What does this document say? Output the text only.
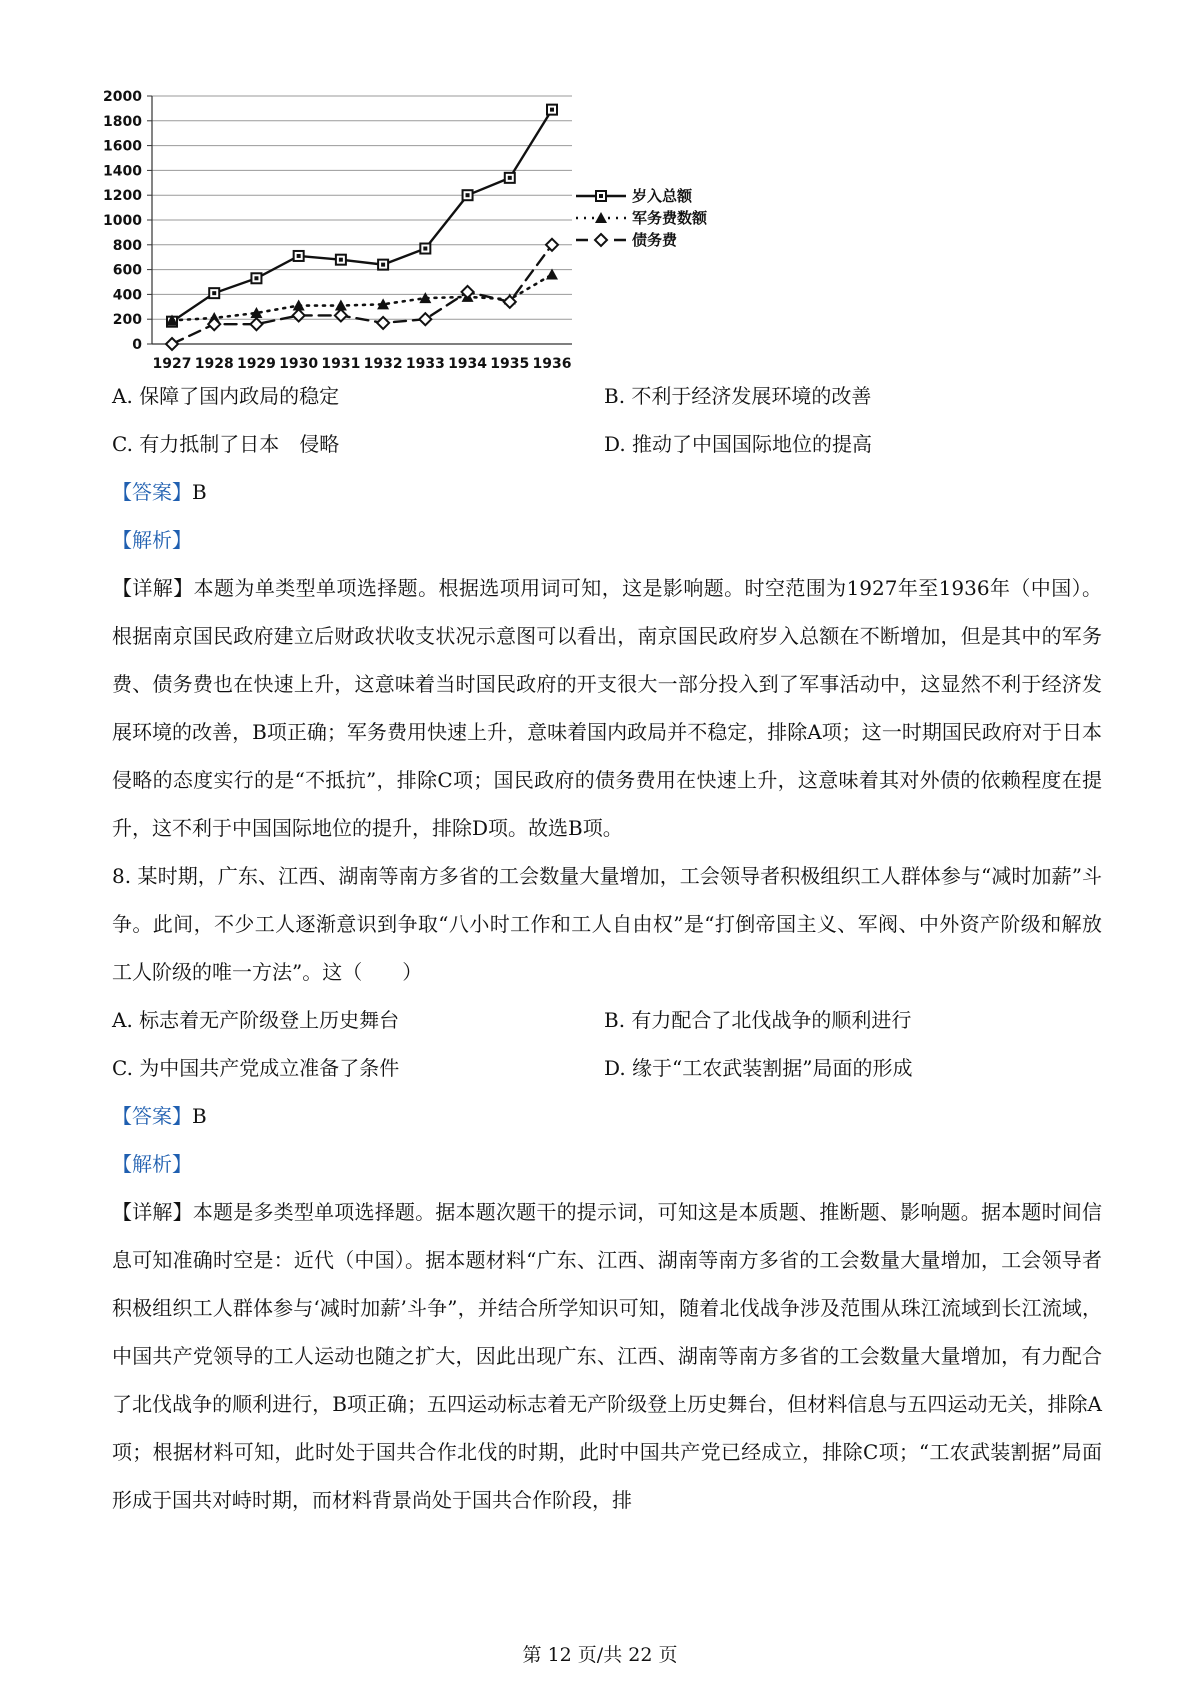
2000
1800
1600
1400
1200
1000
800
600
400
200
0
1927 1928 1929 1930 1931 1932 1933 1934 1935 1936
岁入总额
军务费数额
债务费
A. 保障了国内政局的稳定	B. 不利于经济发展环境的改善
C. 有力抵制了日本　侵略	D. 推动了中国国际地位的提高
【答案】B
【解析】
【详解】本题为单类型单项选择题。根据选项用词可知，这是影响题。时空范围为1927年至1936年（中国）。根据南京国民政府建立后财政状收支状况示意图可以看出，南京国民政府岁入总额在不断增加，但是其中的军务费、债务费也在快速上升，这意味着当时国民政府的开支很大一部分投入到了军事活动中，这显然不利于经济发展环境的改善，B项正确；军务费用快速上升，意味着国内政局并不稳定，排除A项；这一时期国民政府对于日本侵略的态度实行的是“不抵抗”，排除C项；国民政府的债务费用在快速上升，这意味着其对外债的依赖程度在提升，这不利于中国国际地位的提升，排除D项。故选B项。
8. 某时期，广东、江西、湖南等南方多省的工会数量大量增加，工会领导者积极组织工人群体参与“减时加薪”斗争。此间，不少工人逐渐意识到争取“八小时工作和工人自由权”是“打倒帝国主义、军阀、中外资产阶级和解放工人阶级的唯一方法”。这（　　）
A. 标志着无产阶级登上历史舞台	B. 有力配合了北伐战争的顺利进行
C. 为中国共产党成立准备了条件	D. 缘于“工农武装割据”局面的形成
【答案】B
【解析】
【详解】本题是多类型单项选择题。据本题次题干的提示词，可知这是本质题、推断题、影响题。据本题时间信息可知准确时空是：近代（中国）。据本题材料“广东、江西、湖南等南方多省的工会数量大量增加，工会领导者积极组织工人群体参与‘减时加薪’斗争”，并结合所学知识可知，随着北伐战争涉及范围从珠江流域到长江流域，中国共产党领导的工人运动也随之扩大，因此出现广东、江西、湖南等南方多省的工会数量大量增加，有力配合了北伐战争的顺利进行，B项正确；五四运动标志着无产阶级登上历史舞台，但材料信息与五四运动无关，排除A项；根据材料可知，此时处于国共合作北伐的时期，此时中国共产党已经成立，排除C项；“工农武装割据”局面形成于国共对峙时期，而材料背景尚处于国共合作阶段，排
第 12 页/共 22 页
